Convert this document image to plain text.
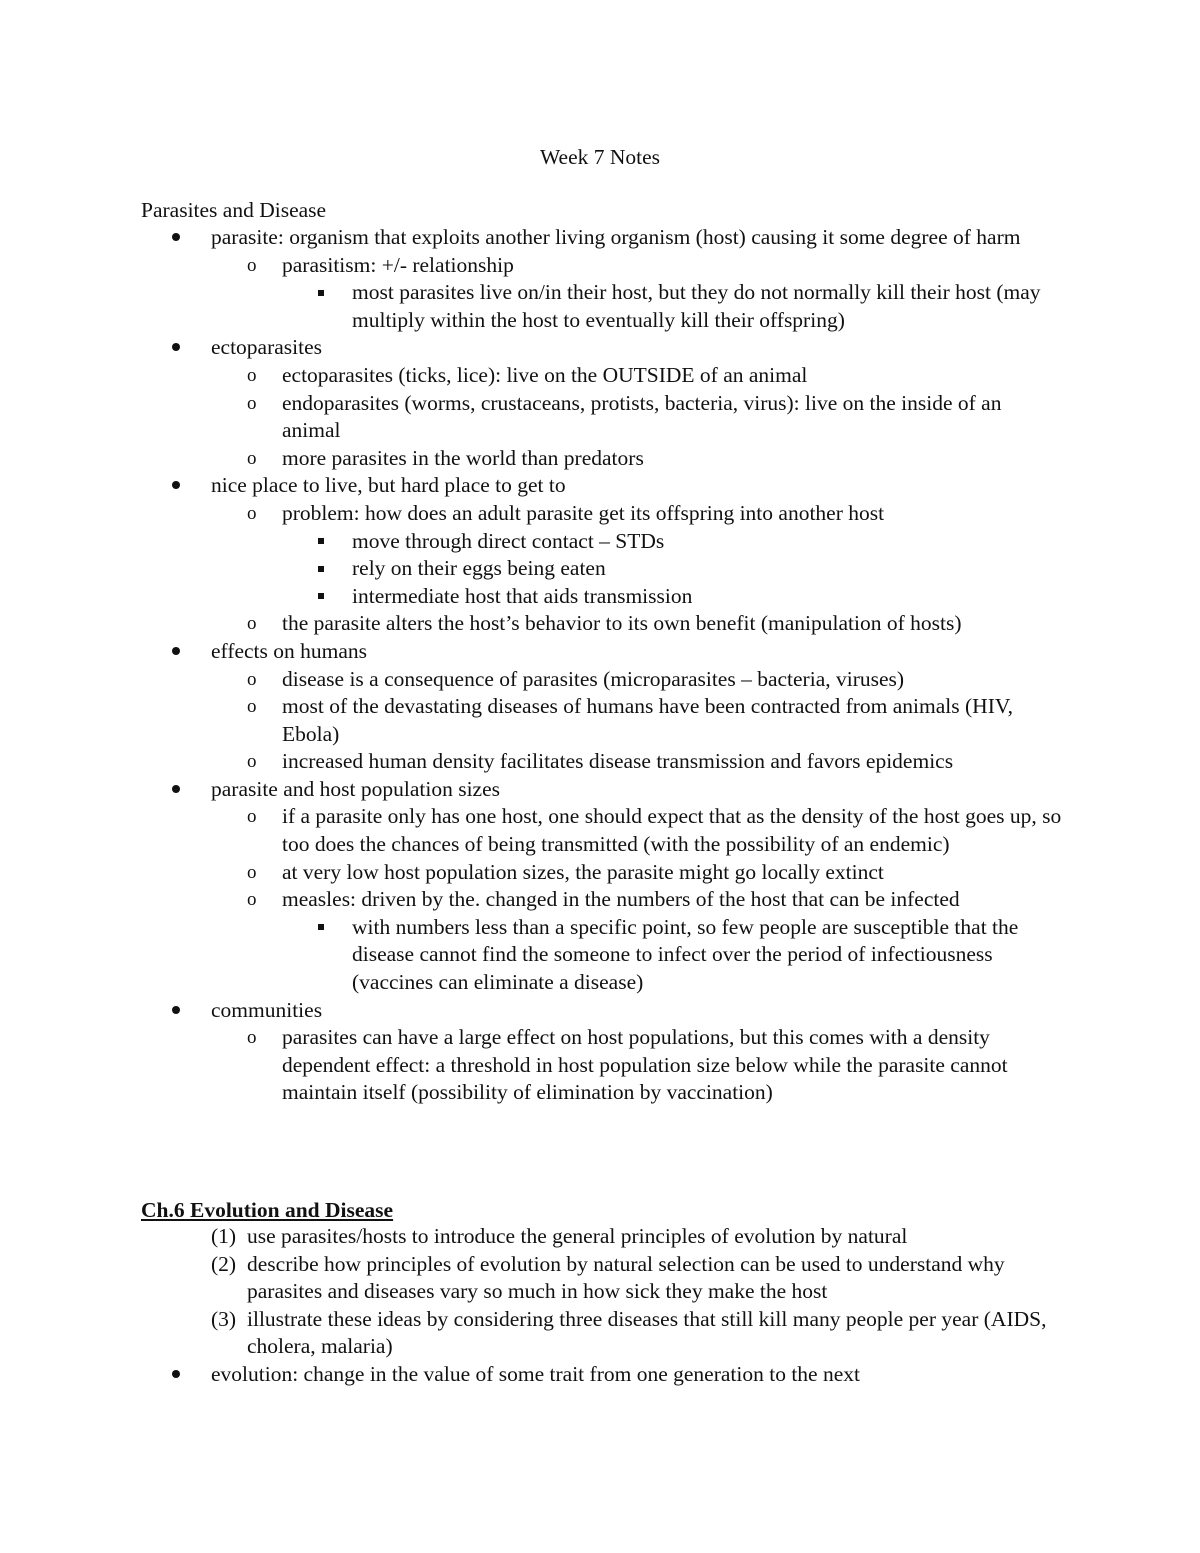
Week 7 Notes
Parasites and Disease
parasite: organism that exploits another living organism (host) causing it some degree of harm
o parasitism: +/- relationship
most parasites live on/in their host, but they do not normally kill their host (may multiply within the host to eventually kill their offspring)
ectoparasites
o ectoparasites (ticks, lice): live on the OUTSIDE of an animal
o endoparasites (worms, crustaceans, protists, bacteria, virus): live on the inside of an animal
o more parasites in the world than predators
nice place to live, but hard place to get to
o problem: how does an adult parasite get its offspring into another host
move through direct contact – STDs
rely on their eggs being eaten
intermediate host that aids transmission
o the parasite alters the host’s behavior to its own benefit (manipulation of hosts)
effects on humans
o disease is a consequence of parasites (microparasites – bacteria, viruses)
o most of the devastating diseases of humans have been contracted from animals (HIV, Ebola)
o increased human density facilitates disease transmission and favors epidemics
parasite and host population sizes
o if a parasite only has one host, one should expect that as the density of the host goes up, so too does the chances of being transmitted (with the possibility of an endemic)
o at very low host population sizes, the parasite might go locally extinct
o measles: driven by the. changed in the numbers of the host that can be infected
with numbers less than a specific point, so few people are susceptible that the disease cannot find the someone to infect over the period of infectiousness (vaccines can eliminate a disease)
communities
o parasites can have a large effect on host populations, but this comes with a density dependent effect: a threshold in host population size below while the parasite cannot maintain itself (possibility of elimination by vaccination)
Ch.6 Evolution and Disease
(1) use parasites/hosts to introduce the general principles of evolution by natural
(2) describe how principles of evolution by natural selection can be used to understand why parasites and diseases vary so much in how sick they make the host
(3) illustrate these ideas by considering three diseases that still kill many people per year (AIDS, cholera, malaria)
evolution: change in the value of some trait from one generation to the next
